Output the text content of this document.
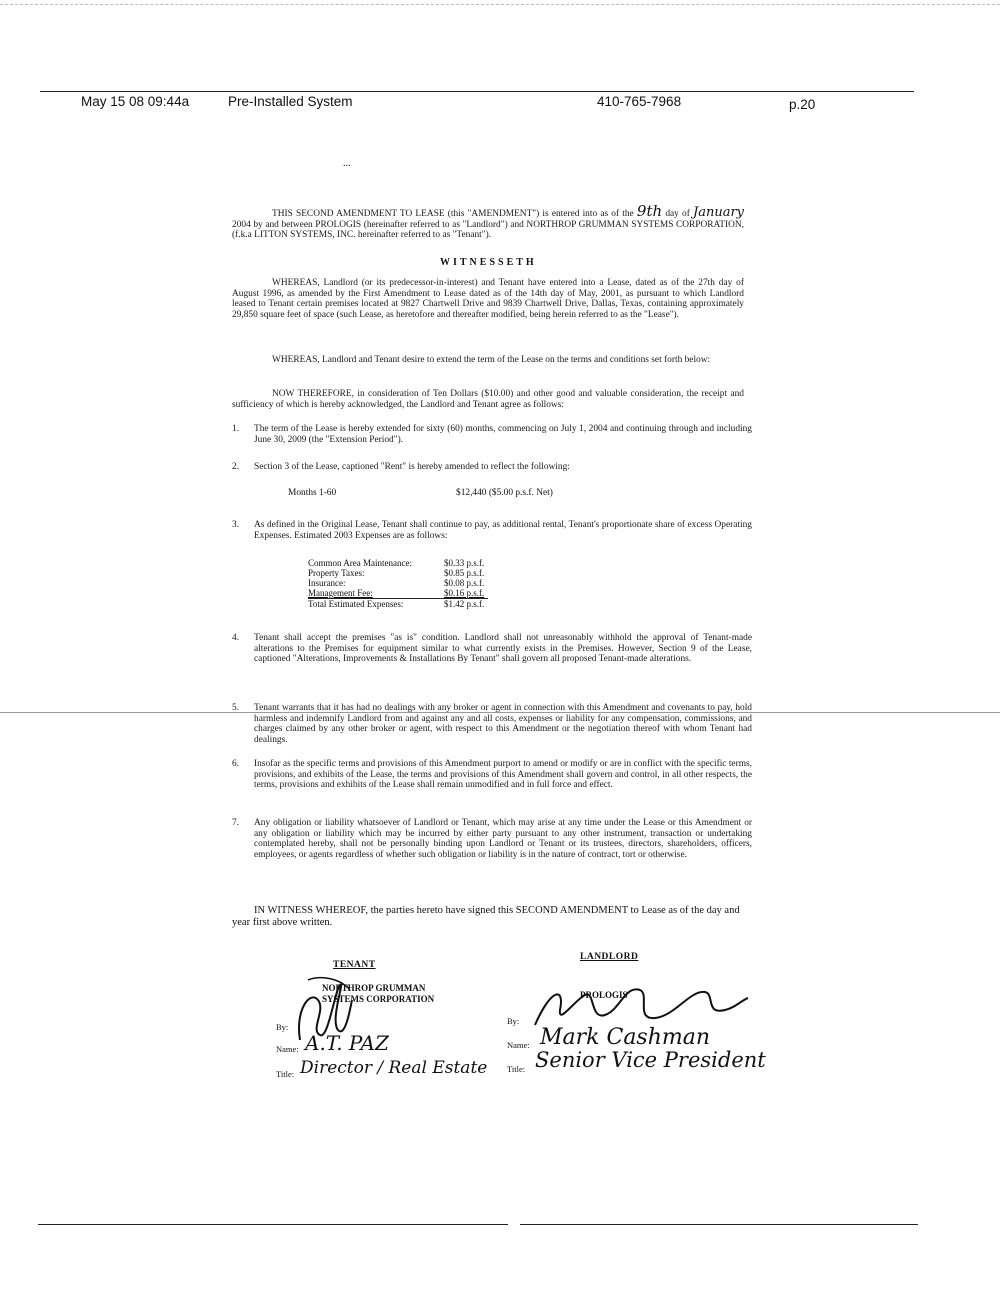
May 15 08 09:44a	Pre-Installed System	410-765-7968	p.20
...
THIS SECOND AMENDMENT TO LEASE (this "AMENDMENT") is entered into as of the 9th day of January 2004 by and between PROLOGIS (hereinafter referred to as "Landlord") and NORTHROP GRUMMAN SYSTEMS CORPORATION, (f.k.a LITTON SYSTEMS, INC. hereinafter referred to as "Tenant").
WITNESSETH
WHEREAS, Landlord (or its predecessor-in-interest) and Tenant have entered into a Lease, dated as of the 27th day of August 1996, as amended by the First Amendment to Lease dated as of the 14th day of May, 2001, as pursuant to which Landlord leased to Tenant certain premises located at 9827 Chartwell Drive and 9839 Chartwell Drive, Dallas, Texas, containing approximately 29,850 square feet of space (such Lease, as heretofore and thereafter modified, being herein referred to as the "Lease").
WHEREAS, Landlord and Tenant desire to extend the term of the Lease on the terms and conditions set forth below:
NOW THEREFORE, in consideration of Ten Dollars ($10.00) and other good and valuable consideration, the receipt and sufficiency of which is hereby acknowledged, the Landlord and Tenant agree as follows:
1.	The term of the Lease is hereby extended for sixty (60) months, commencing on July 1, 2004 and continuing through and including June 30, 2009 (the "Extension Period").
2.	Section 3 of the Lease, captioned "Rent" is hereby amended to reflect the following:
Months 1-60	$12,440 ($5.00 p.s.f. Net)
3.	As defined in the Original Lease, Tenant shall continue to pay, as additional rental, Tenant's proportionate share of excess Operating Expenses. Estimated 2003 Expenses are as follows:
Common Area Maintenance:	$0.33 p.s.f.
Property Taxes:	$0.85 p.s.f.
Insurance:	$0.08 p.s.f.
Management Fee:	$0.16 p.s.f.
Total Estimated Expenses:	$1.42 p.s.f.
4.	Tenant shall accept the premises "as is" condition. Landlord shall not unreasonably withhold the approval of Tenant-made alterations to the Premises for equipment similar to what currently exists in the Premises. However, Section 9 of the Lease, captioned "Alterations, Improvements & Installations By Tenant" shall govern all proposed Tenant-made alterations.
5.	Tenant warrants that it has had no dealings with any broker or agent in connection with this Amendment and covenants to pay, hold harmless and indemnify Landlord from and against any and all costs, expenses or liability for any compensation, commissions, and charges claimed by any other broker or agent, with respect to this Amendment or the negotiation thereof with whom Tenant had dealings.
6.	Insofar as the specific terms and provisions of this Amendment purport to amend or modify or are in conflict with the specific terms, provisions, and exhibits of the Lease, the terms and provisions of this Amendment shall govern and control, in all other respects, the terms, provisions and exhibits of the Lease shall remain unmodified and in full force and effect.
7.	Any obligation or liability whatsoever of Landlord or Tenant, which may arise at any time under the Lease or this Amendment or any obligation or liability which may be incurred by either party pursuant to any other instrument, transaction or undertaking contemplated hereby, shall not be personally binding upon Landlord or Tenant or its trustees, directors, shareholders, officers, employees, or agents regardless of whether such obligation or liability is in the nature of contract, tort or otherwise.
IN WITNESS WHEREOF, the parties hereto have signed this SECOND AMENDMENT to Lease as of the day and year first above written.
TENANT
NORTHROP GRUMMAN
SYSTEMS CORPORATION
By:
Name: A.T. PAZ
Title: Director / Real Estate
LANDLORD
PROLOGIS
By:
Name: Mark Cashman
Title: Senior Vice President
